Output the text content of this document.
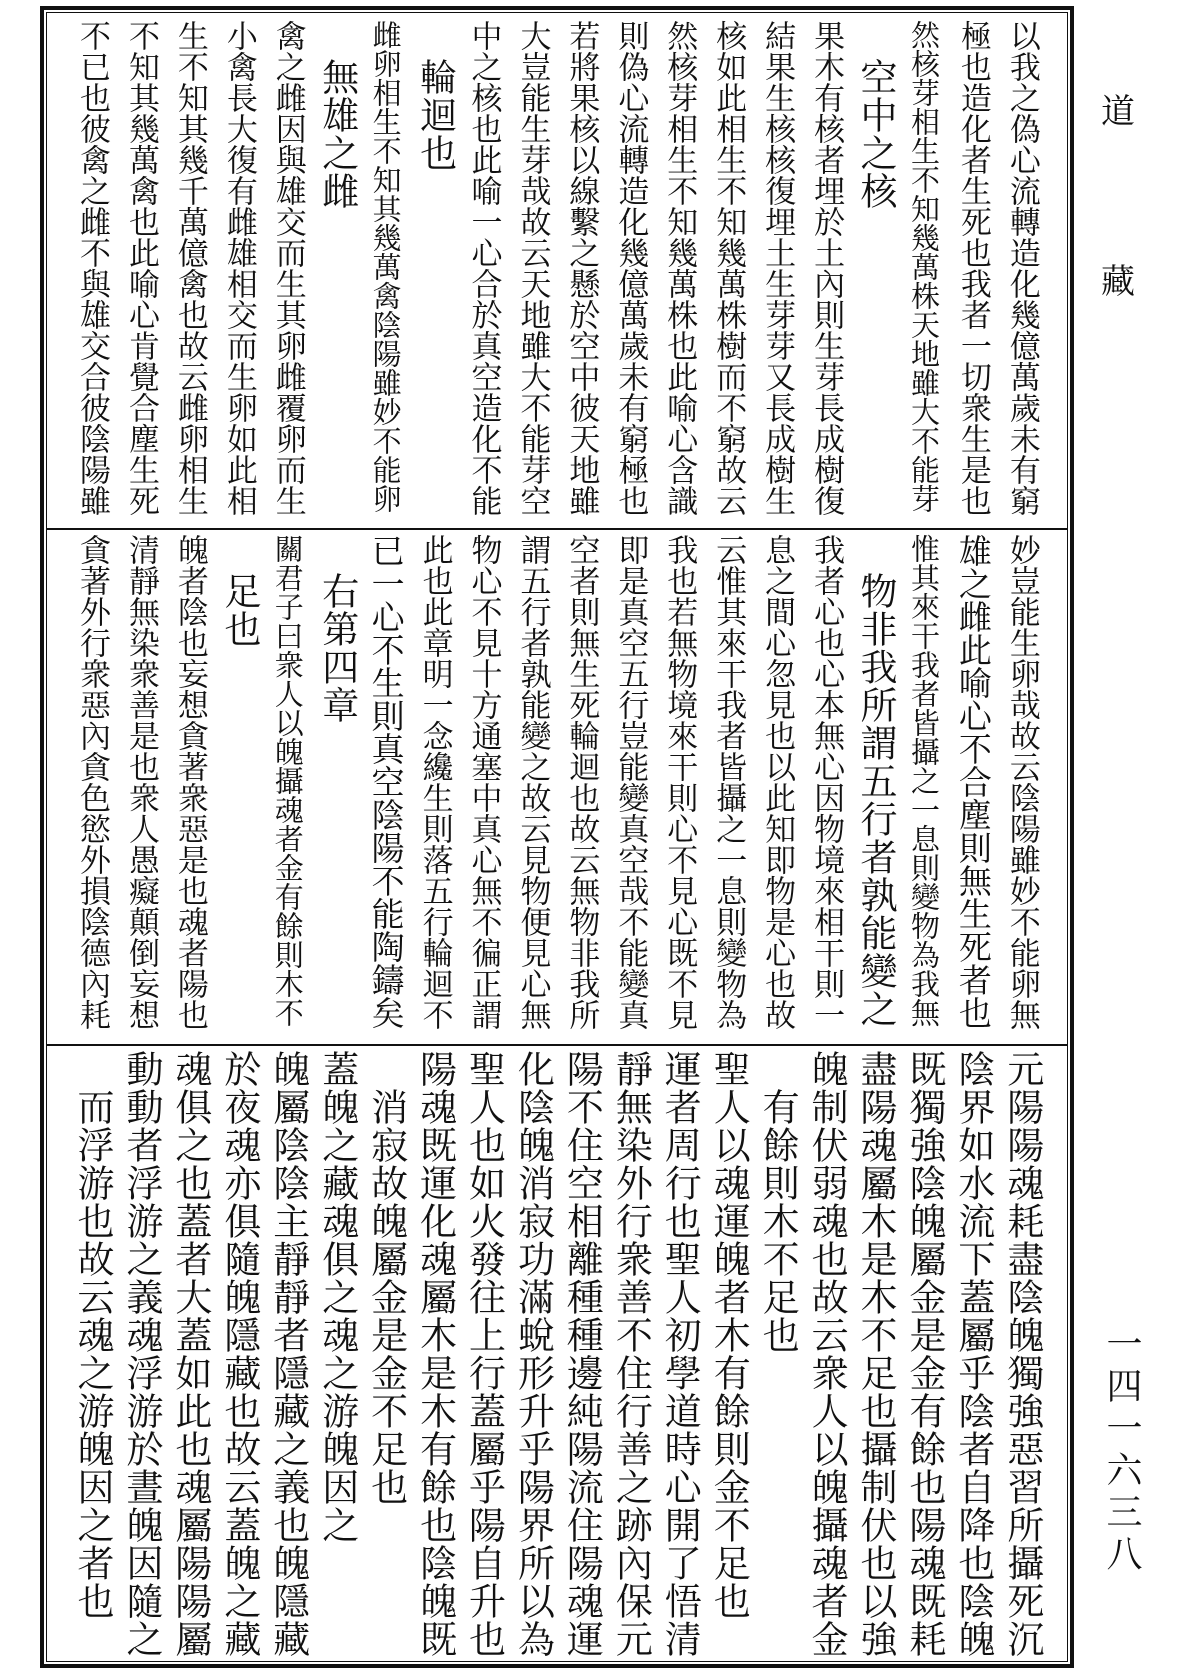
道
藏
一四一六三八
以我之偽心流轉造化幾億萬歲未有窮
極也造化者生死也我者一切衆生是也
然核芽相生不知幾萬株天地雖大不能芽
空中之核
果木有核者埋於土內則生芽長成樹復
結果生核核復埋土生芽芽又長成樹生
核如此相生不知幾萬株樹而不窮故云
然核芽相生不知幾萬株也此喻心含識
則偽心流轉造化幾億萬歲未有窮極也
若將果核以線繫之懸於空中彼天地雖
大豈能生芽哉故云天地雖大不能芽空
中之核也此喻一心合於真空造化不能
輪迴也
雌卵相生不知其幾萬禽陰陽雖妙不能卵
無雄之雌
禽之雌因與雄交而生其卵雌覆卵而生
小禽長大復有雌雄相交而生卵如此相
生不知其幾千萬億禽也故云雌卵相生
不知其幾萬禽也此喻心肯覺合塵生死
不已也彼禽之雌不與雄交合彼陰陽雖
妙豈能生卵哉故云陰陽雖妙不能卵無
雄之雌此喻心不合塵則無生死者也
惟其來干我者皆攝之一息則變物為我無
物非我所謂五行者孰能變之
我者心也心本無心因物境來相干則一
息之間心忽見也以此知即物是心也故
云惟其來干我者皆攝之一息則變物為
我也若無物境來干則心不見心既不見
即是真空五行豈能變真空哉不能變真
空者則無生死輪迴也故云無物非我所
謂五行者孰能變之故云見物便見心無
物心不見十方通塞中真心無不徧正謂
此也此章明一念纔生則落五行輪迴不
已一心不生則真空陰陽不能陶鑄矣
右第四章
關君子曰衆人以魄攝魂者金有餘則木不
足也
魄者陰也妄想貪著衆惡是也魂者陽也
清靜無染衆善是也衆人愚癡顛倒妄想
貪著外行衆惡內貪色慾外損陰德內耗
元陽陽魂耗盡陰魄獨強惡習所攝死沉
陰界如水流下蓋屬乎陰者自降也陰魄
既獨強陰魄屬金是金有餘也陽魂既耗
盡陽魂屬木是木不足也攝制伏也以強
魄制伏弱魂也故云衆人以魄攝魂者金
有餘則木不足也
聖人以魂運魄者木有餘則金不足也
運者周行也聖人初學道時心開了悟清
靜無染外行衆善不住行善之跡內保元
陽不住空相離種種邊純陽流住陽魂運
化陰魄消寂功滿蛻形升乎陽界所以為
聖人也如火發往上行蓋屬乎陽自升也
陽魂既運化魂屬木是木有餘也陰魄既
消寂故魄屬金是金不足也
蓋魄之藏魂俱之魂之游魄因之
魄屬陰陰主靜靜者隱藏之義也魄隱藏
於夜魂亦俱隨魄隱藏也故云蓋魄之藏
魂俱之也蓋者大蓋如此也魂屬陽陽屬
動動者浮游之義魂浮游於晝魄因隨之
而浮游也故云魂之游魄因之者也
